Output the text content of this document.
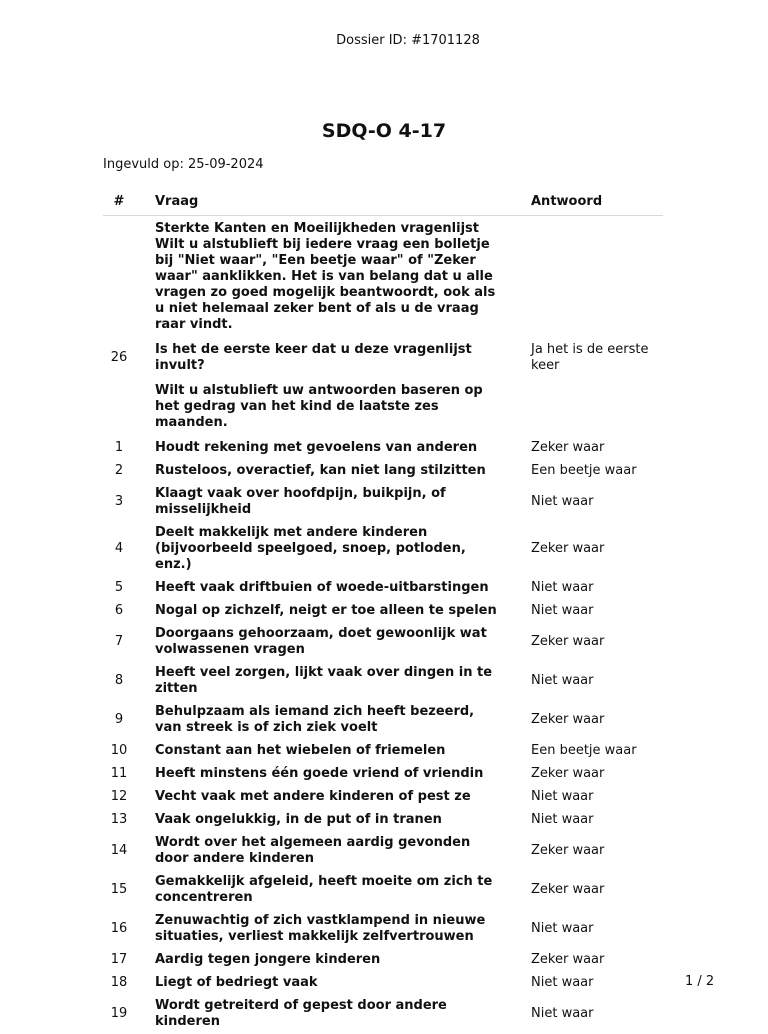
Dossier ID: #1701128
SDQ-O 4-17
Ingevuld op: 25-09-2024
#	Vraag	Antwoord
	Sterkte Kanten en Moeilijkheden vragenlijst Wilt u alstublieft bij iedere vraag een bolletje bij "Niet waar", "Een beetje waar" of "Zeker waar" aanklikken. Het is van belang dat u alle vragen zo goed mogelijk beantwoordt, ook als u niet helemaal zeker bent of als u de vraag raar vindt.	
26	Is het de eerste keer dat u deze vragenlijst invult?	Ja het is de eerste keer
	Wilt u alstublieft uw antwoorden baseren op het gedrag van het kind de laatste zes maanden.	
1	Houdt rekening met gevoelens van anderen	Zeker waar
2	Rusteloos, overactief, kan niet lang stilzitten	Een beetje waar
3	Klaagt vaak over hoofdpijn, buikpijn, of misselijkheid	Niet waar
4	Deelt makkelijk met andere kinderen (bijvoorbeeld speelgoed, snoep, potloden, enz.)	Zeker waar
5	Heeft vaak driftbuien of woede-uitbarstingen	Niet waar
6	Nogal op zichzelf, neigt er toe alleen te spelen	Niet waar
7	Doorgaans gehoorzaam, doet gewoonlijk wat volwassenen vragen	Zeker waar
8	Heeft veel zorgen, lijkt vaak over dingen in te zitten	Niet waar
9	Behulpzaam als iemand zich heeft bezeerd, van streek is of zich ziek voelt	Zeker waar
10	Constant aan het wiebelen of friemelen	Een beetje waar
11	Heeft minstens één goede vriend of vriendin	Zeker waar
12	Vecht vaak met andere kinderen of pest ze	Niet waar
13	Vaak ongelukkig, in de put of in tranen	Niet waar
14	Wordt over het algemeen aardig gevonden door andere kinderen	Zeker waar
15	Gemakkelijk afgeleid, heeft moeite om zich te concentreren	Zeker waar
16	Zenuwachtig of zich vastklampend in nieuwe situaties, verliest makkelijk zelfvertrouwen	Niet waar
17	Aardig tegen jongere kinderen	Zeker waar
18	Liegt of bedriegt vaak	Niet waar
19	Wordt getreiterd of gepest door andere kinderen	Niet waar
1 / 2
